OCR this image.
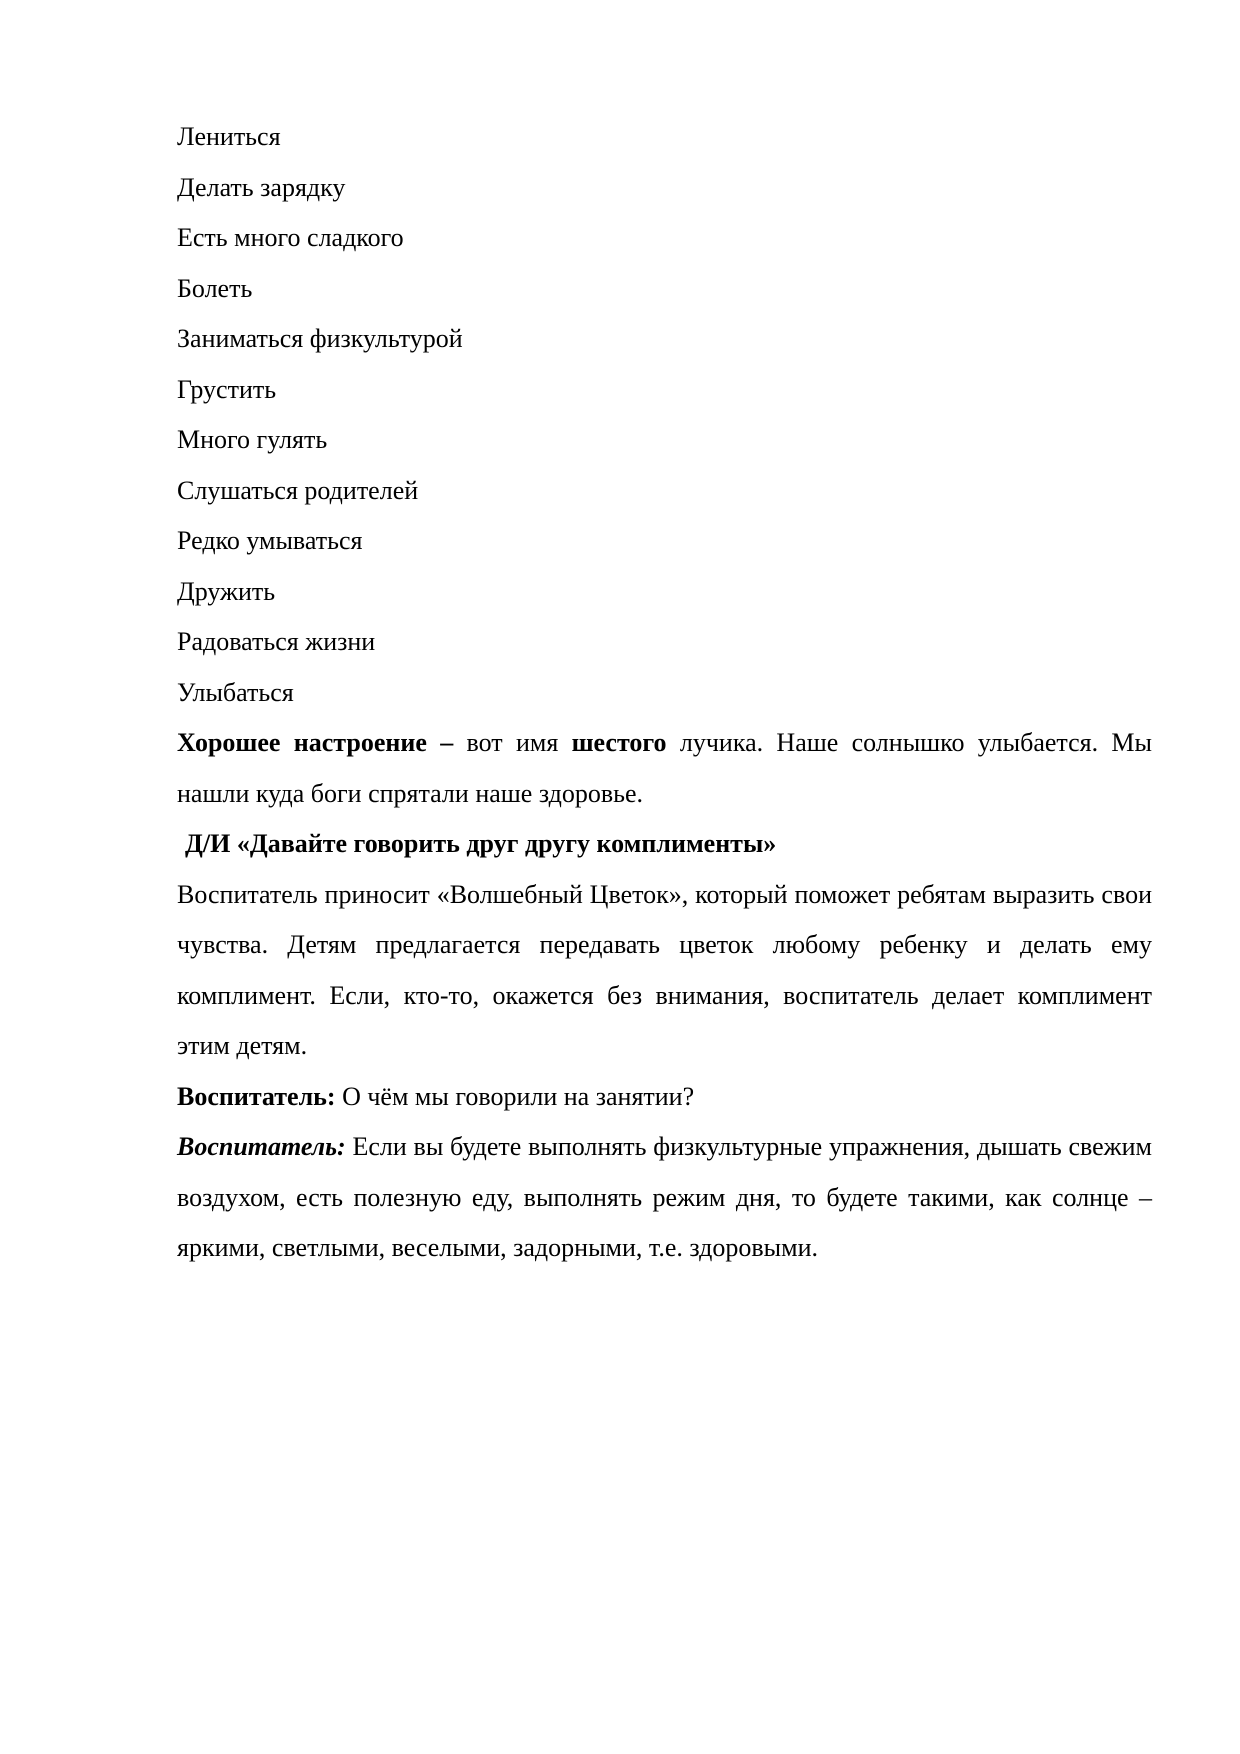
Лениться
Делать зарядку
Есть много сладкого
Болеть
Заниматься физкультурой
Грустить
Много гулять
Слушаться родителей
Редко умываться
Дружить
Радоваться жизни
Улыбаться

Хорошее настроение – вот имя шестого лучика. Наше солнышко улыбается. Мы нашли куда боги спрятали наше здоровье.

Д/И «Давайте говорить друг другу комплименты»

Воспитатель приносит «Волшебный Цветок», который поможет ребятам выразить свои чувства. Детям предлагается передавать цветок любому ребенку и делать ему комплимент. Если, кто-то, окажется без внимания, воспитатель делает комплимент этим детям.

Воспитатель: О чём мы говорили на занятии?

Воспитатель: Если вы будете выполнять физкультурные упражнения, дышать свежим воздухом, есть полезную еду, выполнять режим дня, то будете такими, как солнце – яркими, светлыми, веселыми, задорными, т.е. здоровыми.
